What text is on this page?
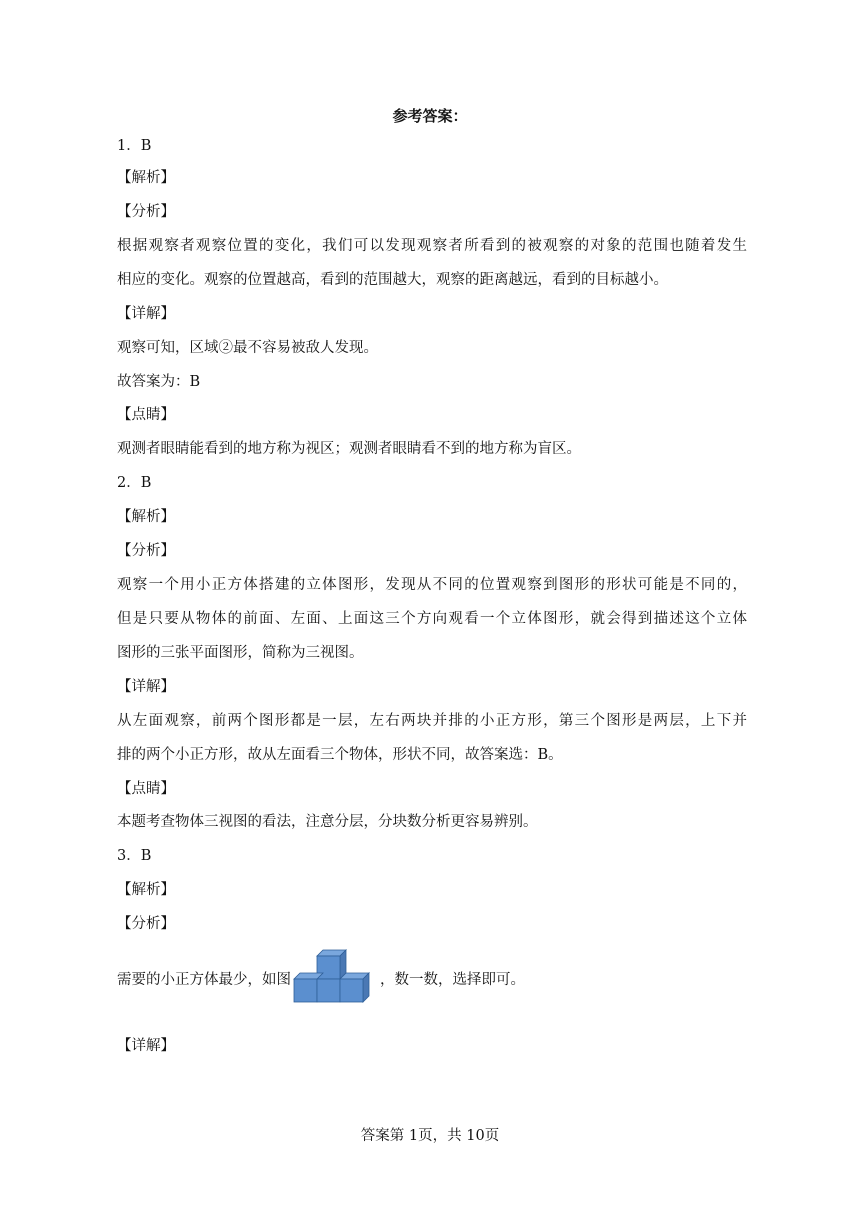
参考答案：
1．B
【解析】
【分析】
根据观察者观察位置的变化，我们可以发现观察者所看到的被观察的对象的范围也随着发生
相应的变化。观察的位置越高，看到的范围越大，观察的距离越远，看到的目标越小。
【详解】
观察可知，区域②最不容易被敌人发现。
故答案为：B
【点睛】
观测者眼睛能看到的地方称为视区；观测者眼睛看不到的地方称为盲区。
2．B
【解析】
【分析】
观察一个用小正方体搭建的立体图形，发现从不同的位置观察到图形的形状可能是不同的，
但是只要从物体的前面、左面、上面这三个方向观看一个立体图形，就会得到描述这个立体
图形的三张平面图形，简称为三视图。
【详解】
从左面观察，前两个图形都是一层，左右两块并排的小正方形，第三个图形是两层，上下并
排的两个小正方形，故从左面看三个物体，形状不同，故答案选：B。
【点睛】
本题考查物体三视图的看法，注意分层，分块数分析更容易辨别。
3．B
【解析】
【分析】
需要的小正方体最少，如图	，数一数，选择即可。
【详解】
答案第 1页，共 10页
